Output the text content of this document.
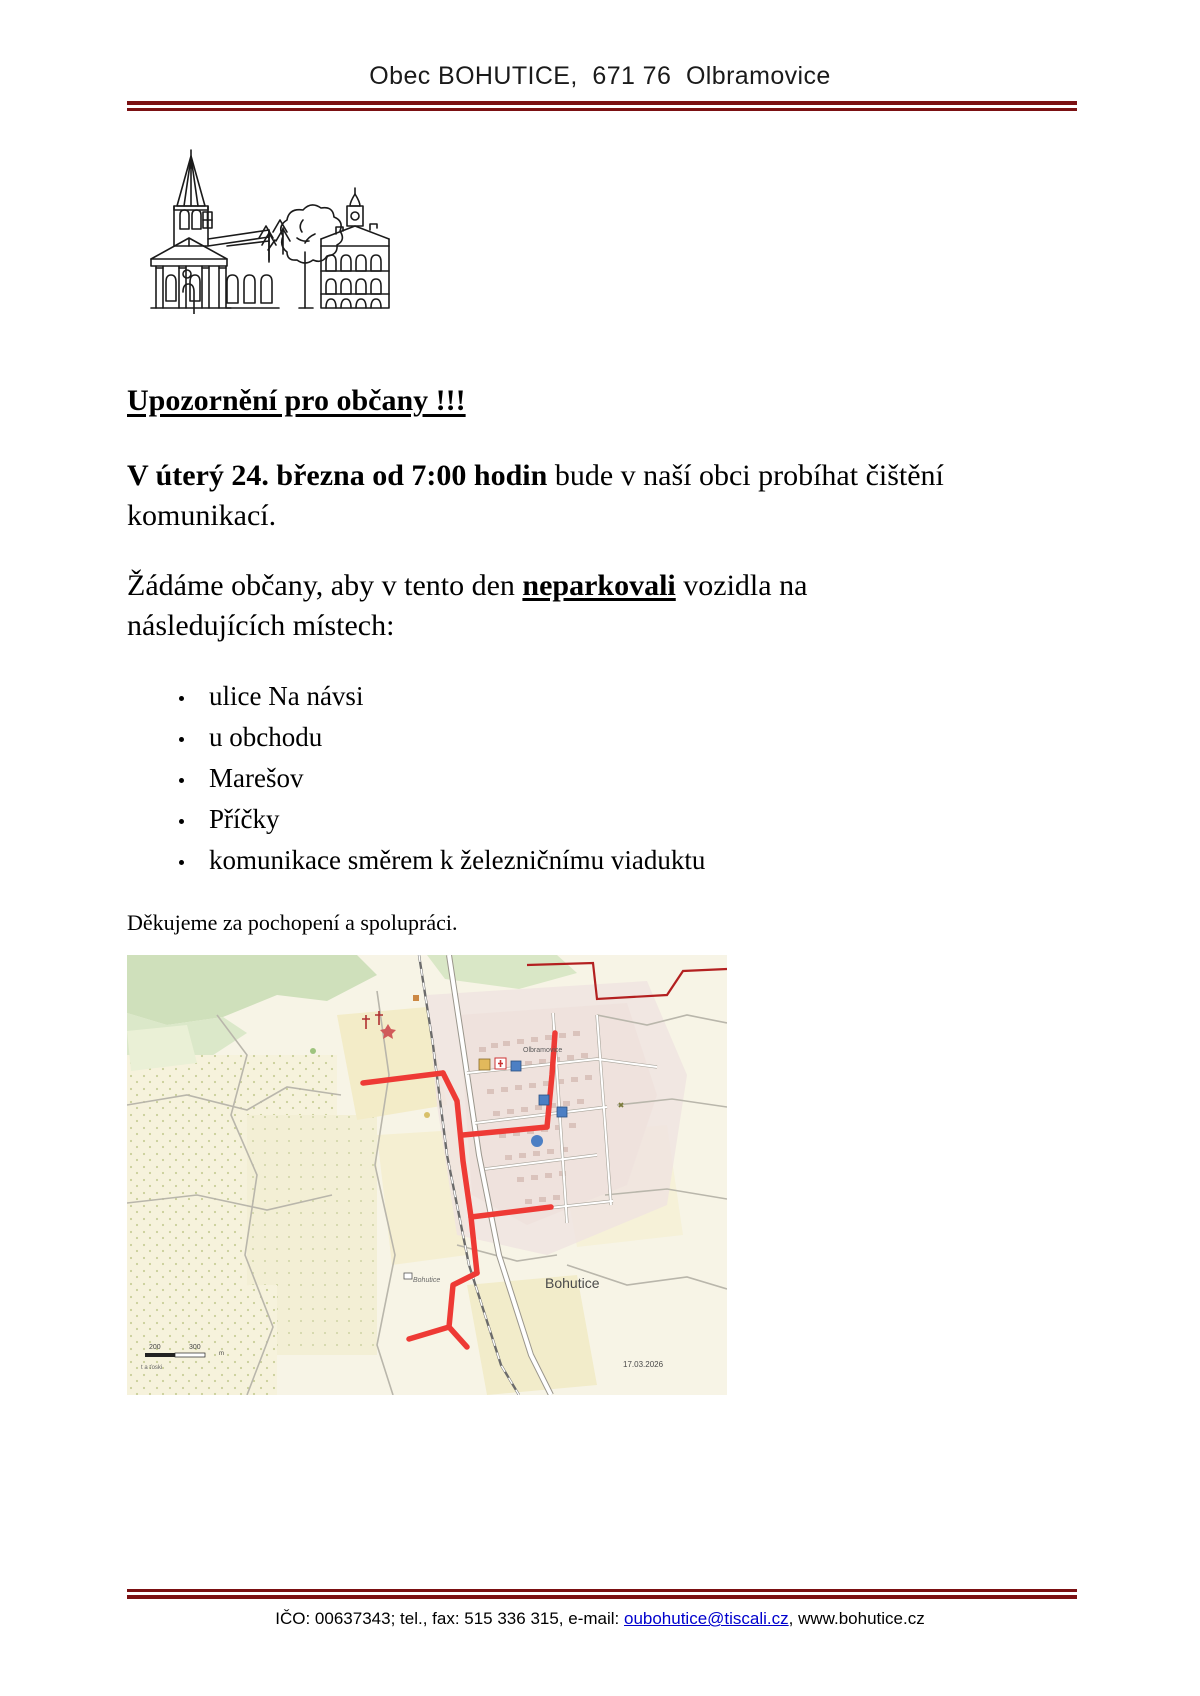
Obec BOHUTICE,  671 76  Olbramovice
Upozornění pro občany !!!

V úterý 24. března od 7:00 hodin bude v naší obci probíhat čištění komunikací.

Žádáme občany, aby v tento den neparkovali vozidla na následujících místech:

ulice Na návsi
u obchodu
Marešov
Příčky
komunikace směrem k železničnímu viaduktu

Děkujeme za pochopení a spolupráci.

Olbramovice
Bohutice
Bohutice
200	300
m
t a ťoski	17.03.2026
IČO: 00637343; tel., fax: 515 336 315, e-mail: oubohutice@tiscali.cz, www.bohutice.cz
